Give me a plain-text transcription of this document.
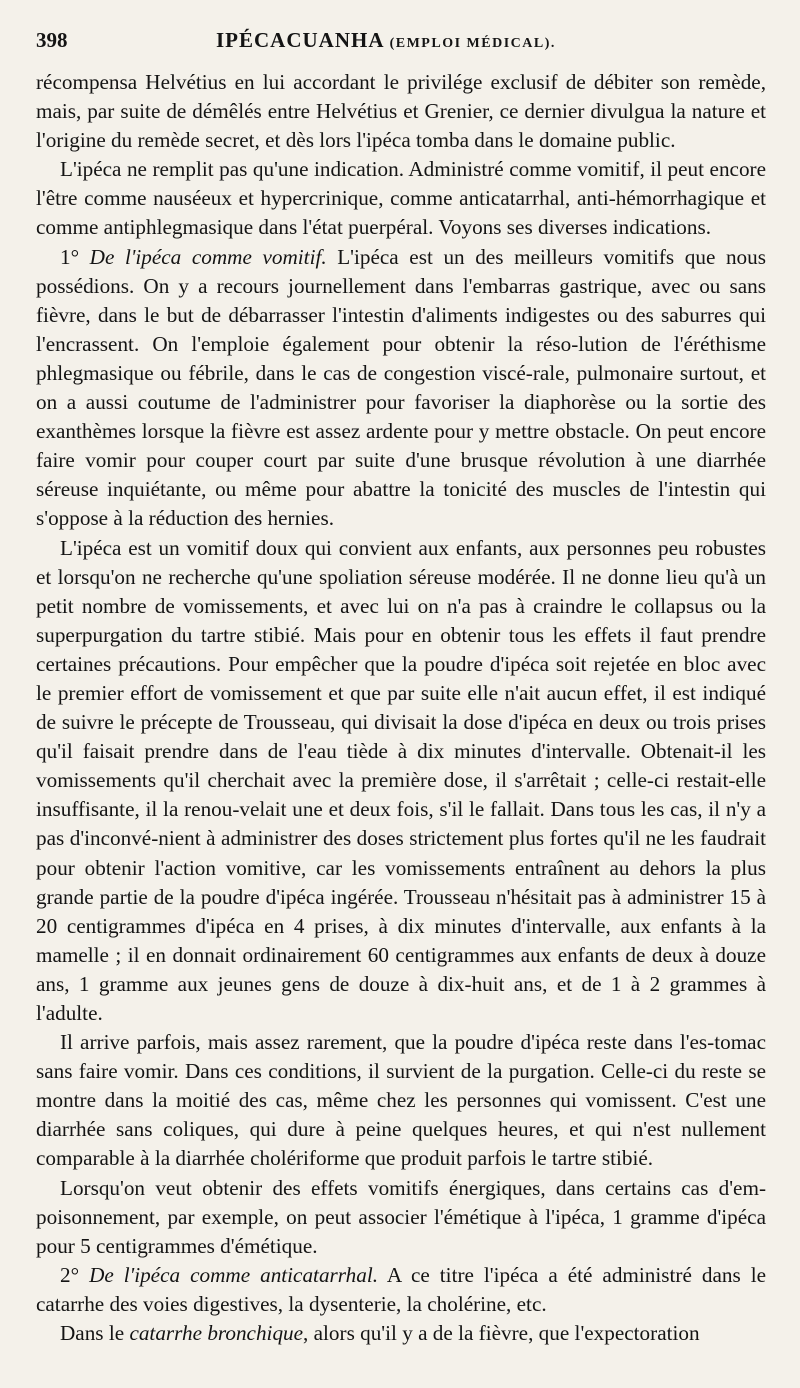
398	IPÉCACUANHA (EMPLOI MÉDICAL).

récompensa Helvétius en lui accordant le privilége exclusif de débiter son remède, mais, par suite de démêlés entre Helvétius et Grenier, ce dernier divulgua la nature et l'origine du remède secret, et dès lors l'ipéca tomba dans le domaine public.

L'ipéca ne remplit pas qu'une indication. Administré comme vomitif, il peut encore l'être comme nauséeux et hypercrinique, comme anticatarrhal, anti-hémorrhagique et comme antiphlegmasique dans l'état puerpéral. Voyons ses diverses indications.

1° De l'ipéca comme vomitif. L'ipéca est un des meilleurs vomitifs que nous possédions. On y a recours journellement dans l'embarras gastrique, avec ou sans fièvre, dans le but de débarrasser l'intestin d'aliments indigestes ou des saburres qui l'encrassent. On l'emploie également pour obtenir la réso-lution de l'éréthisme phlegmasique ou fébrile, dans le cas de congestion viscé-rale, pulmonaire surtout, et on a aussi coutume de l'administrer pour favoriser la diaphorèse ou la sortie des exanthèmes lorsque la fièvre est assez ardente pour y mettre obstacle. On peut encore faire vomir pour couper court par suite d'une brusque révolution à une diarrhée séreuse inquiétante, ou même pour abattre la tonicité des muscles de l'intestin qui s'oppose à la réduction des hernies.

L'ipéca est un vomitif doux qui convient aux enfants, aux personnes peu robustes et lorsqu'on ne recherche qu'une spoliation séreuse modérée. Il ne donne lieu qu'à un petit nombre de vomissements, et avec lui on n'a pas à craindre le collapsus ou la superpurgation du tartre stibié. Mais pour en obtenir tous les effets il faut prendre certaines précautions. Pour empêcher que la poudre d'ipéca soit rejetée en bloc avec le premier effort de vomissement et que par suite elle n'ait aucun effet, il est indiqué de suivre le précepte de Trousseau, qui divisait la dose d'ipéca en deux ou trois prises qu'il faisait prendre dans de l'eau tiède à dix minutes d'intervalle. Obtenait-il les vomissements qu'il cherchait avec la première dose, il s'arrêtait ; celle-ci restait-elle insuffisante, il la renou-velait une et deux fois, s'il le fallait. Dans tous les cas, il n'y a pas d'inconvé-nient à administrer des doses strictement plus fortes qu'il ne les faudrait pour obtenir l'action vomitive, car les vomissements entraînent au dehors la plus grande partie de la poudre d'ipéca ingérée. Trousseau n'hésitait pas à administrer 15 à 20 centigrammes d'ipéca en 4 prises, à dix minutes d'intervalle, aux enfants à la mamelle ; il en donnait ordinairement 60 centigrammes aux enfants de deux à douze ans, 1 gramme aux jeunes gens de douze à dix-huit ans, et de 1 à 2 grammes à l'adulte.

Il arrive parfois, mais assez rarement, que la poudre d'ipéca reste dans l'es-tomac sans faire vomir. Dans ces conditions, il survient de la purgation. Celle-ci du reste se montre dans la moitié des cas, même chez les personnes qui vomissent. C'est une diarrhée sans coliques, qui dure à peine quelques heures, et qui n'est nullement comparable à la diarrhée cholériforme que produit parfois le tartre stibié.

Lorsqu'on veut obtenir des effets vomitifs énergiques, dans certains cas d'em-poisonnement, par exemple, on peut associer l'émétique à l'ipéca, 1 gramme d'ipéca pour 5 centigrammes d'émétique.

2° De l'ipéca comme anticatarrhal. A ce titre l'ipéca a été administré dans le catarrhe des voies digestives, la dysenterie, la cholérine, etc.

Dans le catarrhe bronchique, alors qu'il y a de la fièvre, que l'expectoration
